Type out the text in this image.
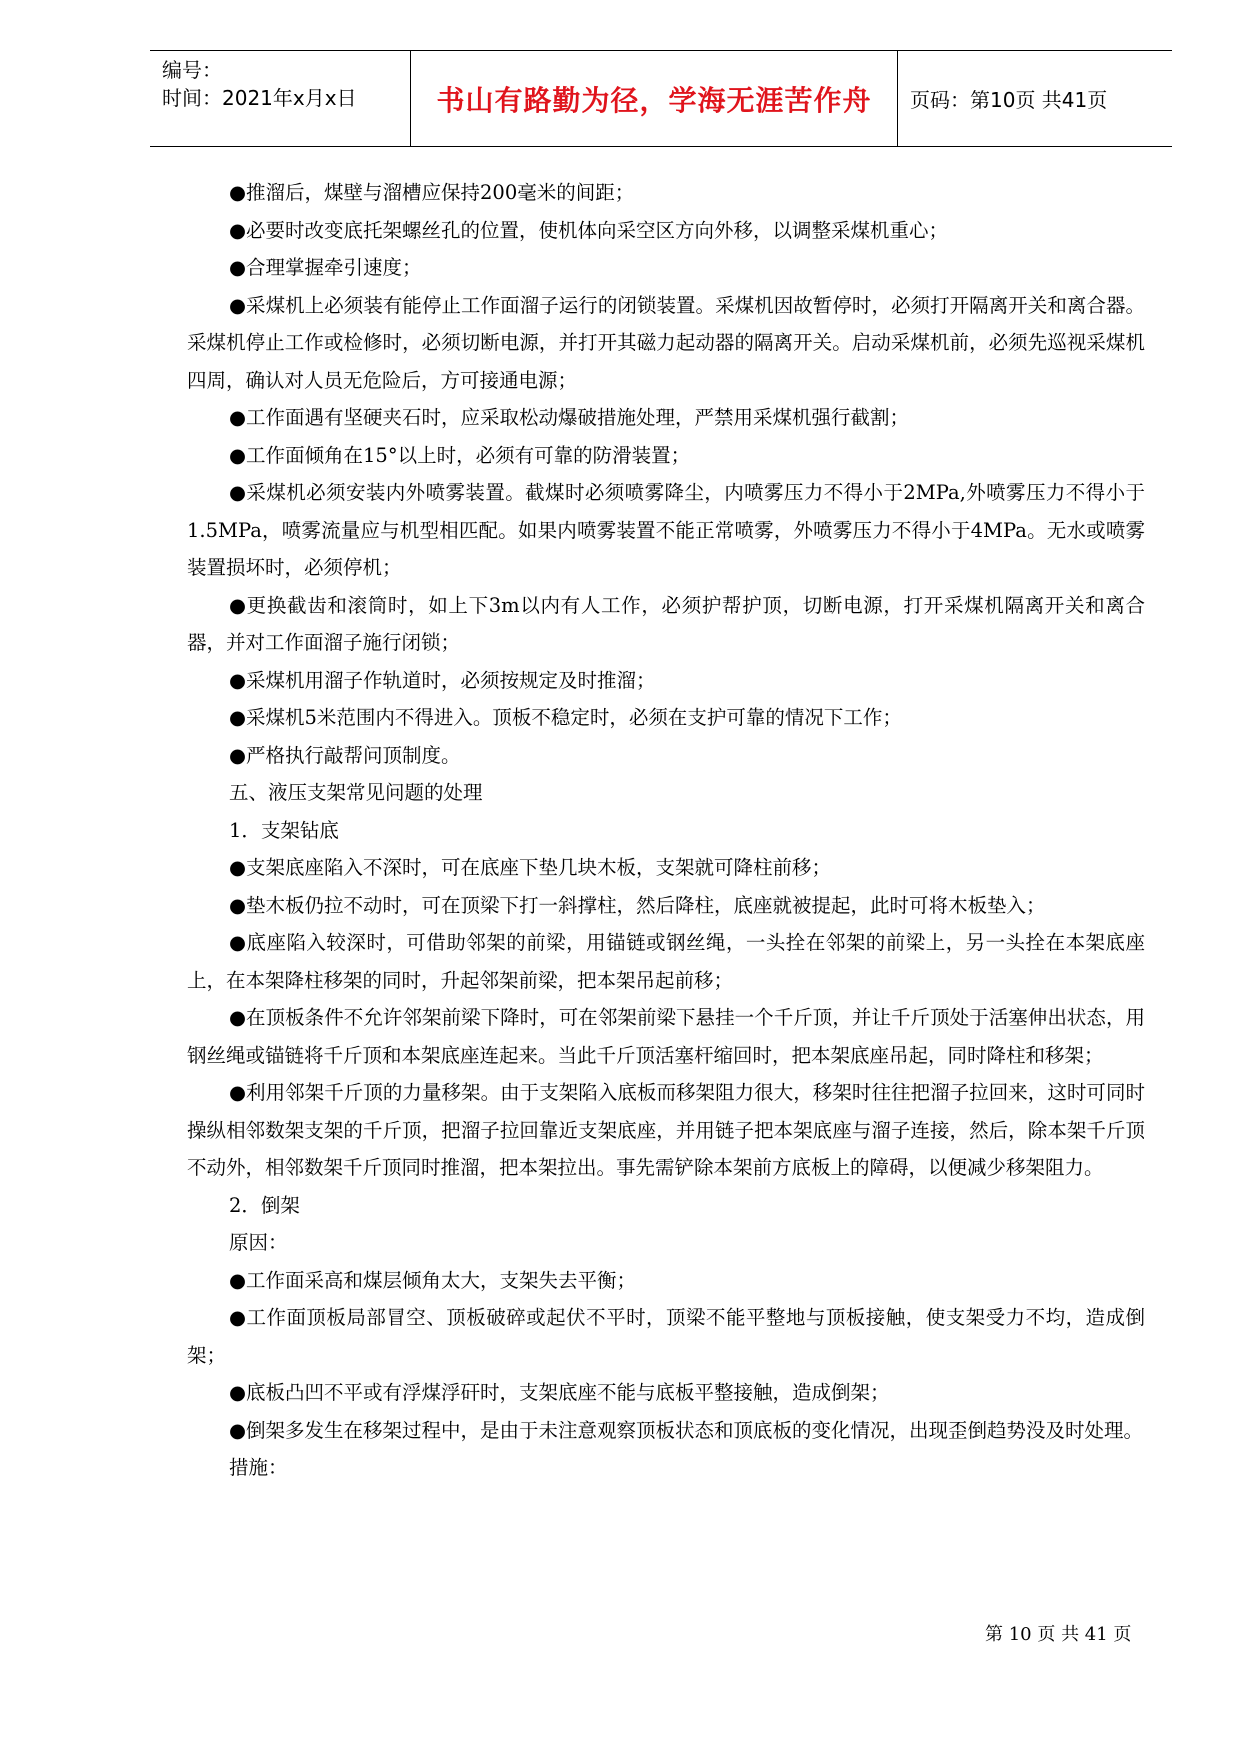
编号：
时间：2021年x月x日	书山有路勤为径，学海无涯苦作舟	页码：第10页 共41页

●推溜后，煤壁与溜槽应保持200毫米的间距；

●必要时改变底托架螺丝孔的位置，使机体向采空区方向外移，以调整采煤机重心；

●合理掌握牵引速度；

●采煤机上必须装有能停止工作面溜子运行的闭锁装置。采煤机因故暂停时，必须打开隔离开关和离合器。采煤机停止工作或检修时，必须切断电源，并打开其磁力起动器的隔离开关。启动采煤机前，必须先巡视采煤机四周，确认对人员无危险后，方可接通电源；

●工作面遇有坚硬夹石时，应采取松动爆破措施处理，严禁用采煤机强行截割；

●工作面倾角在15°以上时，必须有可靠的防滑装置；

●采煤机必须安装内外喷雾装置。截煤时必须喷雾降尘，内喷雾压力不得小于2MPa,外喷雾压力不得小于1.5MPa，喷雾流量应与机型相匹配。如果内喷雾装置不能正常喷雾，外喷雾压力不得小于4MPa。无水或喷雾装置损坏时，必须停机；

●更换截齿和滚筒时，如上下3m以内有人工作，必须护帮护顶，切断电源，打开采煤机隔离开关和离合器，并对工作面溜子施行闭锁；

●采煤机用溜子作轨道时，必须按规定及时推溜；

●采煤机5米范围内不得进入。顶板不稳定时，必须在支护可靠的情况下工作；

●严格执行敲帮问顶制度。

五、液压支架常见问题的处理

1．支架钻底

●支架底座陷入不深时，可在底座下垫几块木板，支架就可降柱前移；

●垫木板仍拉不动时，可在顶梁下打一斜撑柱，然后降柱，底座就被提起，此时可将木板垫入；

●底座陷入较深时，可借助邻架的前梁，用锚链或钢丝绳，一头拴在邻架的前梁上，另一头拴在本架底座上，在本架降柱移架的同时，升起邻架前梁，把本架吊起前移；

●在顶板条件不允许邻架前梁下降时，可在邻架前梁下悬挂一个千斤顶，并让千斤顶处于活塞伸出状态，用钢丝绳或锚链将千斤顶和本架底座连起来。当此千斤顶活塞杆缩回时，把本架底座吊起，同时降柱和移架；

●利用邻架千斤顶的力量移架。由于支架陷入底板而移架阻力很大，移架时往往把溜子拉回来，这时可同时操纵相邻数架支架的千斤顶，把溜子拉回靠近支架底座，并用链子把本架底座与溜子连接，然后，除本架千斤顶不动外，相邻数架千斤顶同时推溜，把本架拉出。事先需铲除本架前方底板上的障碍，以便减少移架阻力。

2．倒架

原因：

●工作面采高和煤层倾角太大，支架失去平衡；

●工作面顶板局部冒空、顶板破碎或起伏不平时，顶梁不能平整地与顶板接触，使支架受力不均，造成倒架；

●底板凸凹不平或有浮煤浮矸时，支架底座不能与底板平整接触，造成倒架；

●倒架多发生在移架过程中，是由于未注意观察顶板状态和顶底板的变化情况，出现歪倒趋势没及时处理。

措施：

第 10 页 共 41 页
